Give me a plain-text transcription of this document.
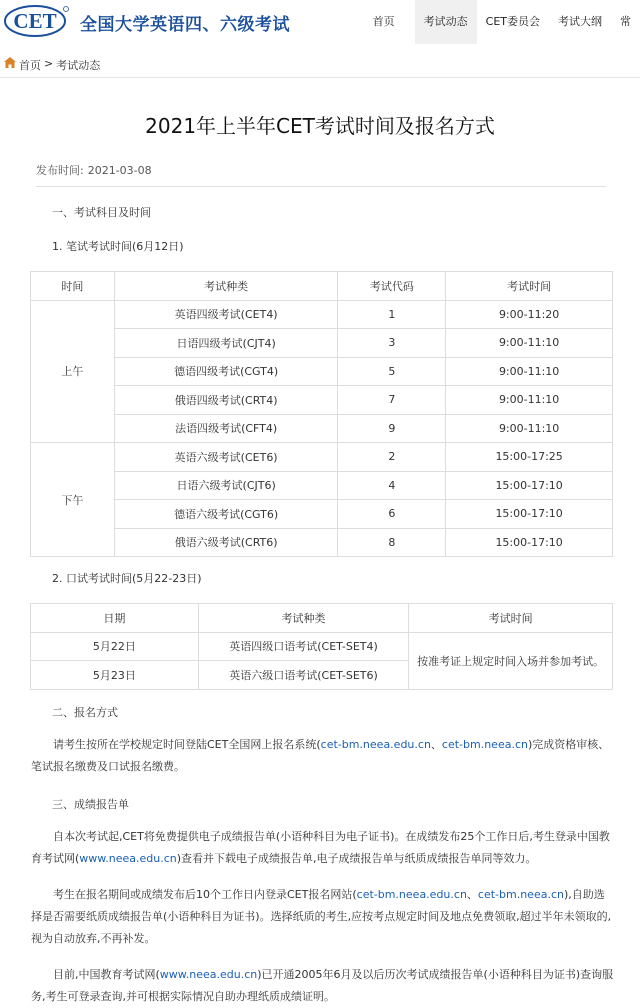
CET 全国大学英语四、六级考试	首页	考试动态	CET委员会	考试大纲	常
首页 > 考试动态
2021年上半年CET考试时间及报名方式
发布时间: 2021-03-08
一、考试科目及时间
1. 笔试考试时间(6月12日)
时间	考试种类	考试代码	考试时间
上午	英语四级考试(CET4)	1	9:00-11:20
	日语四级考试(CJT4)	3	9:00-11:10
	德语四级考试(CGT4)	5	9:00-11:10
	俄语四级考试(CRT4)	7	9:00-11:10
	法语四级考试(CFT4)	9	9:00-11:10
下午	英语六级考试(CET6)	2	15:00-17:25
	日语六级考试(CJT6)	4	15:00-17:10
	德语六级考试(CGT6)	6	15:00-17:10
	俄语六级考试(CRT6)	8	15:00-17:10
2. 口试考试时间(5月22-23日)
日期	考试种类	考试时间
5月22日	英语四级口语考试(CET-SET4)	按准考证上规定时间入场并参加考试。
5月23日	英语六级口语考试(CET-SET6)	
二、报名方式
请考生按所在学校规定时间登陆CET全国网上报名系统(cet-bm.neea.edu.cn、cet-bm.neea.cn)完成资格审核、笔试报名缴费及口试报名缴费。
三、成绩报告单
自本次考试起,CET将免费提供电子成绩报告单(小语种科目为电子证书)。在成绩发布25个工作日后,考生登录中国教育考试网(www.neea.edu.cn)查看并下载电子成绩报告单,电子成绩报告单与纸质成绩报告单同等效力。
考生在报名期间或成绩发布后10个工作日内登录CET报名网站(cet-bm.neea.edu.cn、cet-bm.neea.cn),自助选择是否需要纸质成绩报告单(小语种科目为证书)。选择纸质的考生,应按考点规定时间及地点免费领取,超过半年未领取的,视为自动放弃,不再补发。
目前,中国教育考试网(www.neea.edu.cn)已开通2005年6月及以后历次考试成绩报告单(小语种科目为证书)查询服务,考生可登录查询,并可根据实际情况自助办理纸质成绩证明。
